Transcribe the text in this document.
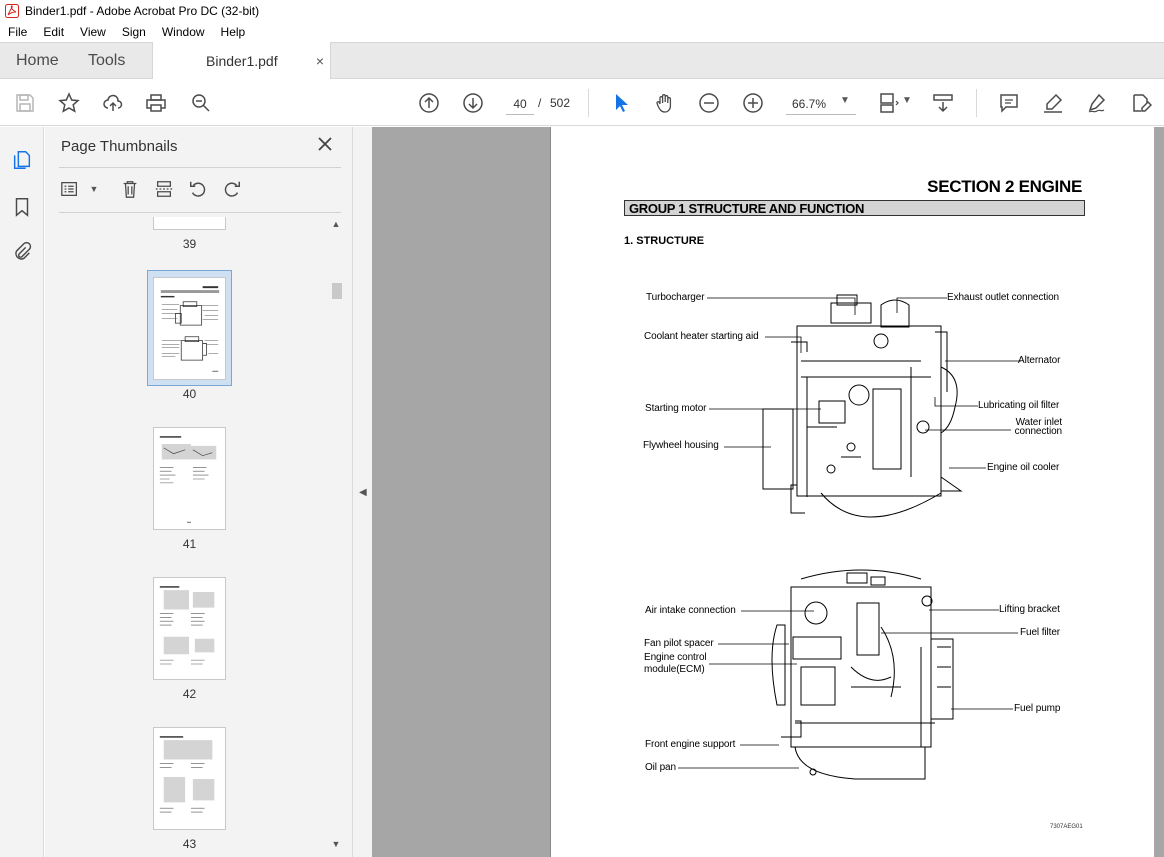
Binder1.pdf - Adobe Acrobat Pro DC (32-bit)
File	Edit	View	Sign	Window	Help
Home Tools	Binder1.pdf	×
40
/ 502
66.7%	▼	▼
Page Thumbnails
▼
39
40
41
42
43
▲
▼
◀
SECTION 2 ENGINE
GROUP 1 STRUCTURE AND FUNCTION
1. STRUCTURE
Turbocharger	Exhaust outlet connection
Coolant heater starting aid
Alternator
Lubricating oil filter
Starting motor
Water inlet
connection
Flywheel housing
Engine oil cooler
Air intake connection	Lifting bracket
Fan pilot spacer
Fuel filter
Engine control
module(ECM)
Fuel pump
Front engine support
Oil pan
7307AEG01
